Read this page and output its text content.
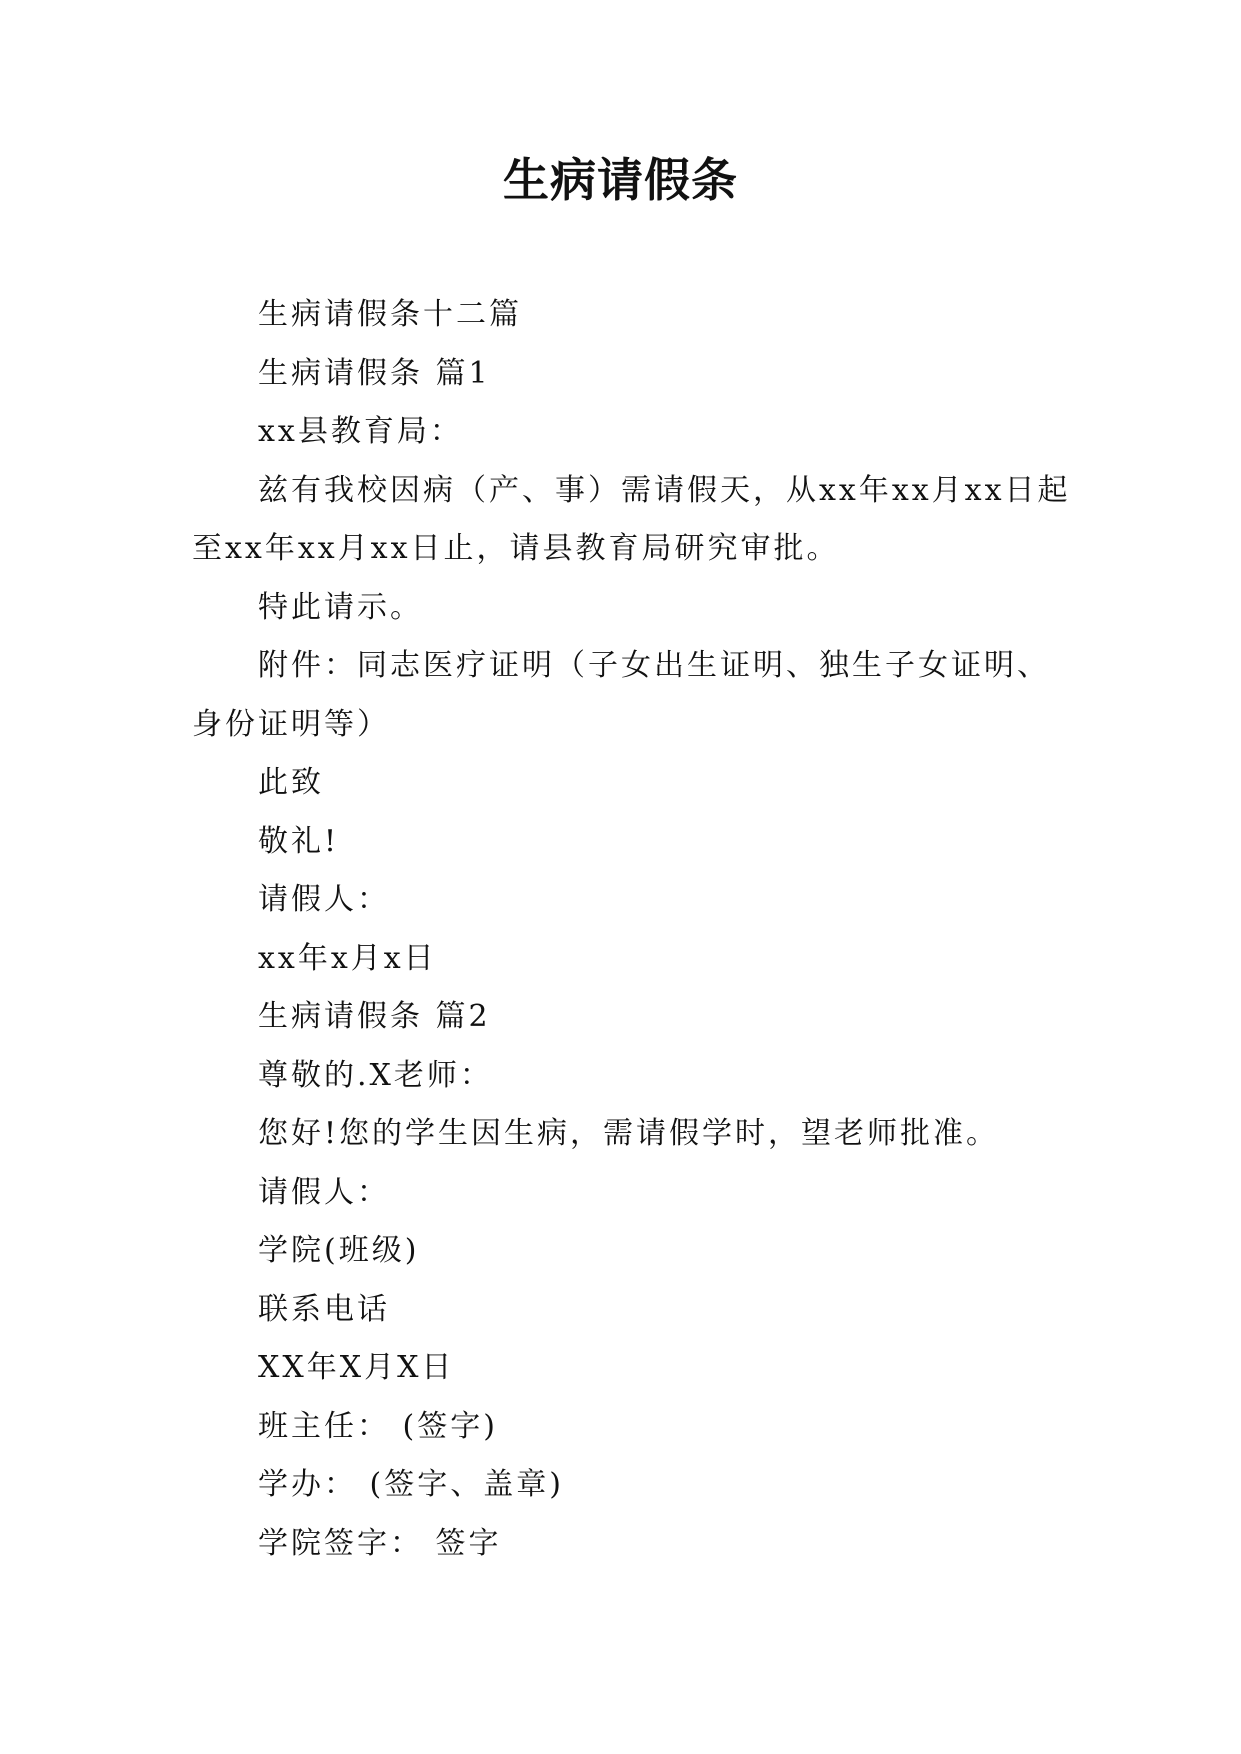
生病请假条

生病请假条十二篇

生病请假条 篇1

xx县教育局：

兹有我校因病（产、事）需请假天，从xx年xx月xx日起至xx年xx月xx日止，请县教育局研究审批。

特此请示。

附件：同志医疗证明（子女出生证明、独生子女证明、身份证明等）

此致

敬礼!

请假人：

xx年x月x日

生病请假条 篇2

尊敬的.X老师：

您好!您的学生因生病，需请假学时，望老师批准。

请假人：

学院(班级)

联系电话

XX年X月X日

班主任： (签字)

学办： (签字、盖章)

学院签字： 签字
